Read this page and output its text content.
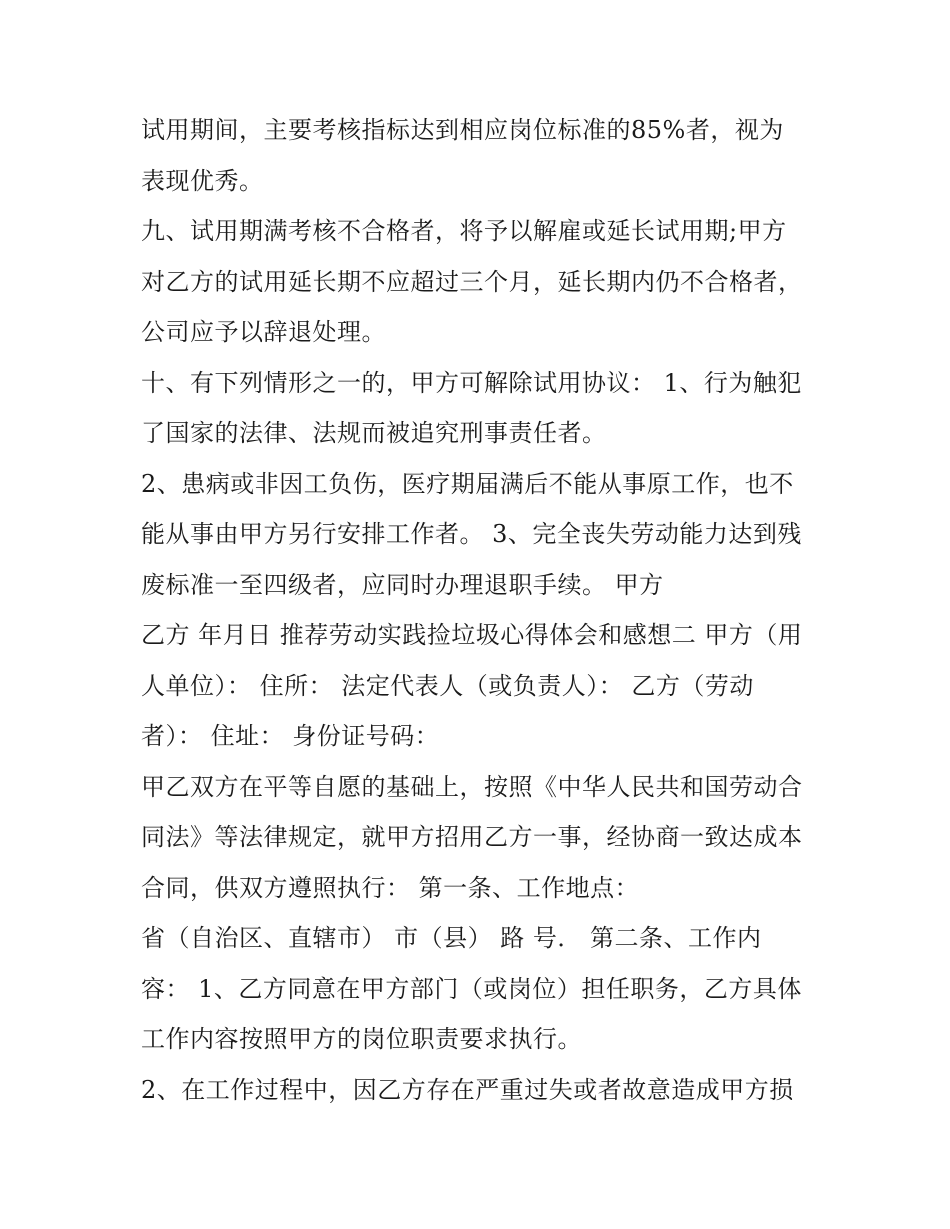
试用期间，主要考核指标达到相应岗位标准的85%者，视为
表现优秀。
九、试用期满考核不合格者，将予以解雇或延长试用期;甲方
对乙方的试用延长期不应超过三个月，延长期内仍不合格者，
公司应予以辞退处理。
十、有下列情形之一的，甲方可解除试用协议： 1、行为触犯
了国家的法律、法规而被追究刑事责任者。
2、患病或非因工负伤，医疗期届满后不能从事原工作，也不
能从事由甲方另行安排工作者。 3、完全丧失劳动能力达到残
废标准一至四级者，应同时办理退职手续。 甲方
乙方 年月日 推荐劳动实践捡垃圾心得体会和感想二 甲方（用
人单位）： 住所： 法定代表人（或负责人）： 乙方（劳动
者）： 住址： 身份证号码：
甲乙双方在平等自愿的基础上，按照《中华人民共和国劳动合
同法》等法律规定，就甲方招用乙方一事，经协商一致达成本
合同，供双方遵照执行： 第一条、工作地点：
省（自治区、直辖市） 市（县） 路 号． 第二条、工作内
容： 1、乙方同意在甲方部门（或岗位）担任职务，乙方具体
工作内容按照甲方的岗位职责要求执行。
2、在工作过程中，因乙方存在严重过失或者故意造成甲方损
